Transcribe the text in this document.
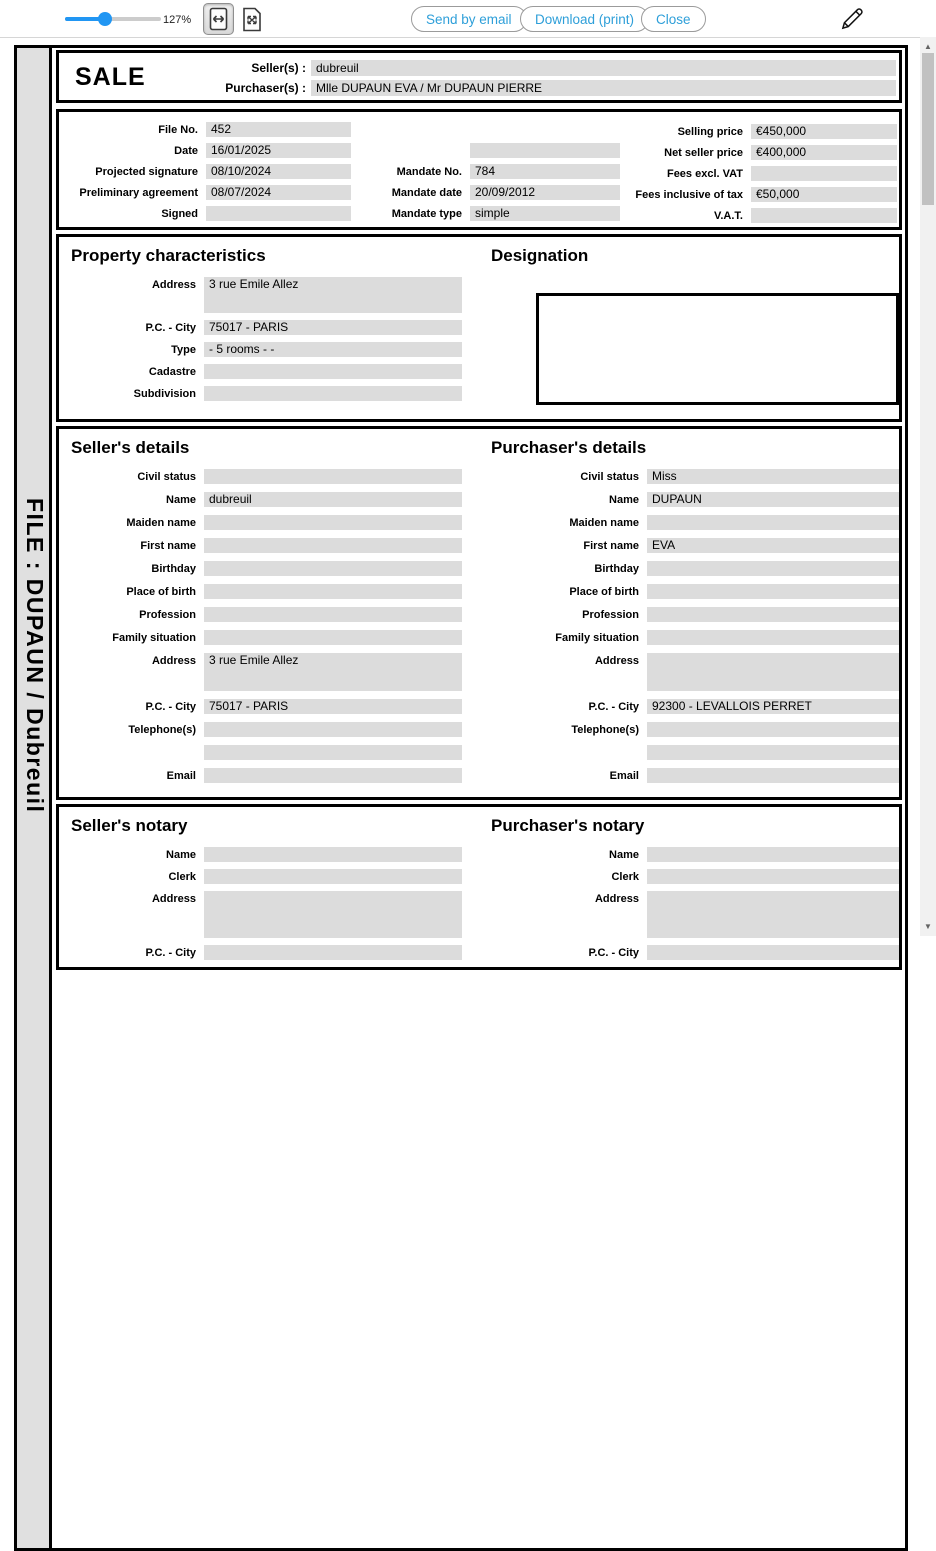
127%	Send by email	Download (print)	Close
FILE : DUPAUN / Dubreuil
SALE	Seller(s) : dubreuil
Purchaser(s) : Mlle DUPAUN EVA / Mr DUPAUN PIERRE
File No.	452
Date	16/01/2025
Projected signature	08/10/2024
Preliminary agreement	08/07/2024
Signed
Mandate No.	784
Mandate date	20/09/2012
Mandate type	simple
Selling price	€450,000
Net seller price	€400,000
Fees excl. VAT
Fees inclusive of tax	€50,000
V.A.T.
Property characteristics
Address	3 rue Emile Allez
P.C. - City	75017 - PARIS
Type	- 5 rooms - -
Cadastre
Subdivision
Designation
Seller's details
Civil status
Name	dubreuil
Maiden name
First name
Birthday
Place of birth
Profession
Family situation
Address	3 rue Emile Allez
P.C. - City	75017 - PARIS
Telephone(s)
Email
Purchaser's details
Civil status	Miss
Name	DUPAUN
Maiden name
First name	EVA
Birthday
Place of birth
Profession
Family situation
Address
P.C. - City	92300 - LEVALLOIS PERRET
Telephone(s)
Email
Seller's notary
Name
Clerk
Address
P.C. - City
Purchaser's notary
Name
Clerk
Address
P.C. - City
▲
▼
